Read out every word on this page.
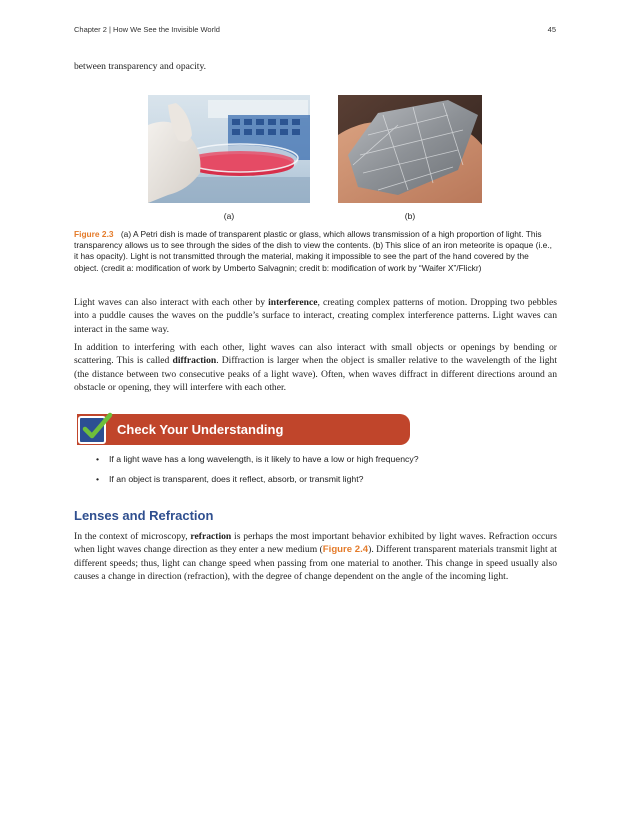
Chapter 2 | How We See the Invisible World	45
between transparency and opacity.
(a)	(b)
Figure 2.3 (a) A Petri dish is made of transparent plastic or glass, which allows transmission of a high proportion of light. This transparency allows us to see through the sides of the dish to view the contents. (b) This slice of an iron meteorite is opaque (i.e., it has opacity). Light is not transmitted through the material, making it impossible to see the part of the hand covered by the object. (credit a: modification of work by Umberto Salvagnin; credit b: modification of work by “Waifer X”/Flickr)
Light waves can also interact with each other by interference, creating complex patterns of motion. Dropping two pebbles into a puddle causes the waves on the puddle’s surface to interact, creating complex interference patterns. Light waves can interact in the same way.
In addition to interfering with each other, light waves can also interact with small objects or openings by bending or scattering. This is called diffraction. Diffraction is larger when the object is smaller relative to the wavelength of the light (the distance between two consecutive peaks of a light wave). Often, when waves diffract in different directions around an obstacle or opening, they will interfere with each other.
Check Your Understanding
• If a light wave has a long wavelength, is it likely to have a low or high frequency?
• If an object is transparent, does it reflect, absorb, or transmit light?
Lenses and Refraction
In the context of microscopy, refraction is perhaps the most important behavior exhibited by light waves. Refraction occurs when light waves change direction as they enter a new medium (Figure 2.4). Different transparent materials transmit light at different speeds; thus, light can change speed when passing from one material to another. This change in speed usually also causes a change in direction (refraction), with the degree of change dependent on the angle of the incoming light.
